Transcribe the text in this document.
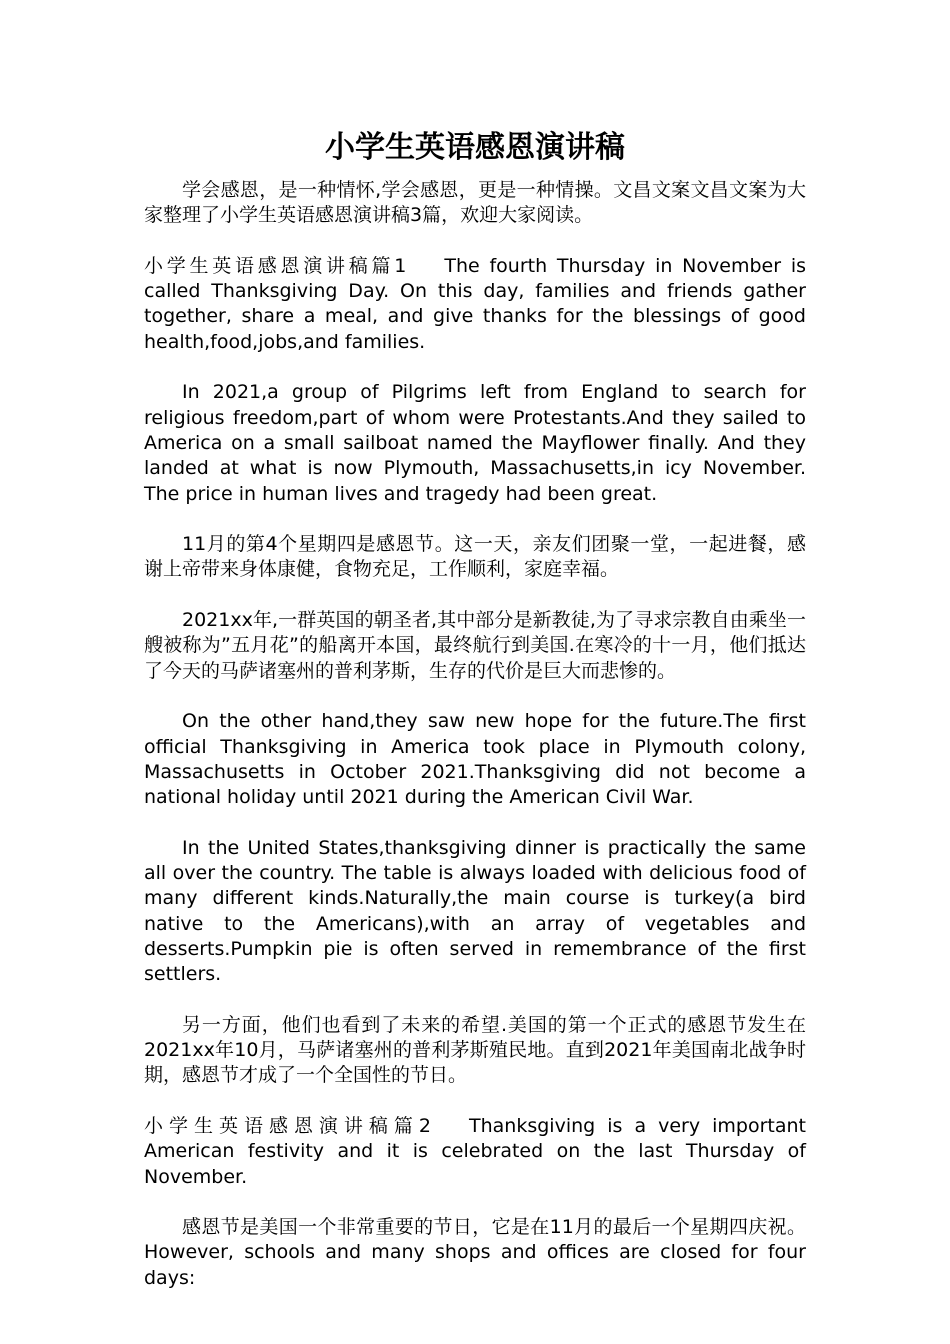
小学生英语感恩演讲稿

学会感恩，是一种情怀,学会感恩，更是一种情操。文昌文案文昌文案为大家整理了小学生英语感恩演讲稿3篇，欢迎大家阅读。

小学生英语感恩演讲稿篇1 The fourth Thursday in November is called Thanksgiving Day. On this day, families and friends gather together, share a meal, and give thanks for the blessings of good health,food,jobs,and families.

In 2021,a group of Pilgrims left from England to search for religious freedom,part of whom were Protestants.And they sailed to America on a small sailboat named the Mayflower finally. And they landed at what is now Plymouth, Massachusetts,in icy November. The price in human lives and tragedy had been great.

11月的第4个星期四是感恩节。这一天，亲友们团聚一堂，一起进餐，感谢上帝带来身体康健，食物充足，工作顺利，家庭幸福。

2021xx年,一群英国的朝圣者,其中部分是新教徒,为了寻求宗教自由乘坐一艘被称为”五月花”的船离开本国，最终航行到美国.在寒冷的十一月，他们抵达了今天的马萨诸塞州的普利茅斯，生存的代价是巨大而悲惨的。

On the other hand,they saw new hope for the future.The first official Thanksgiving in America took place in Plymouth colony, Massachusetts in October 2021.Thanksgiving did not become a national holiday until 2021 during the American Civil War.

In the United States,thanksgiving dinner is practically the same all over the country. The table is always loaded with delicious food of many different kinds.Naturally,the main course is turkey(a bird native to the Americans),with an array of vegetables and desserts.Pumpkin pie is often served in remembrance of the first settlers.

另一方面，他们也看到了未来的希望.美国的第一个正式的感恩节发生在2021xx年10月，马萨诸塞州的普利茅斯殖民地。直到2021年美国南北战争时期，感恩节才成了一个全国性的节日。

小学生英语感恩演讲稿篇2 Thanksgiving is a very important American festivity and it is celebrated on the last Thursday of November.

感恩节是美国一个非常重要的节日，它是在11月的最后一个星期四庆祝。However, schools and many shops and offices are closed for four days:
